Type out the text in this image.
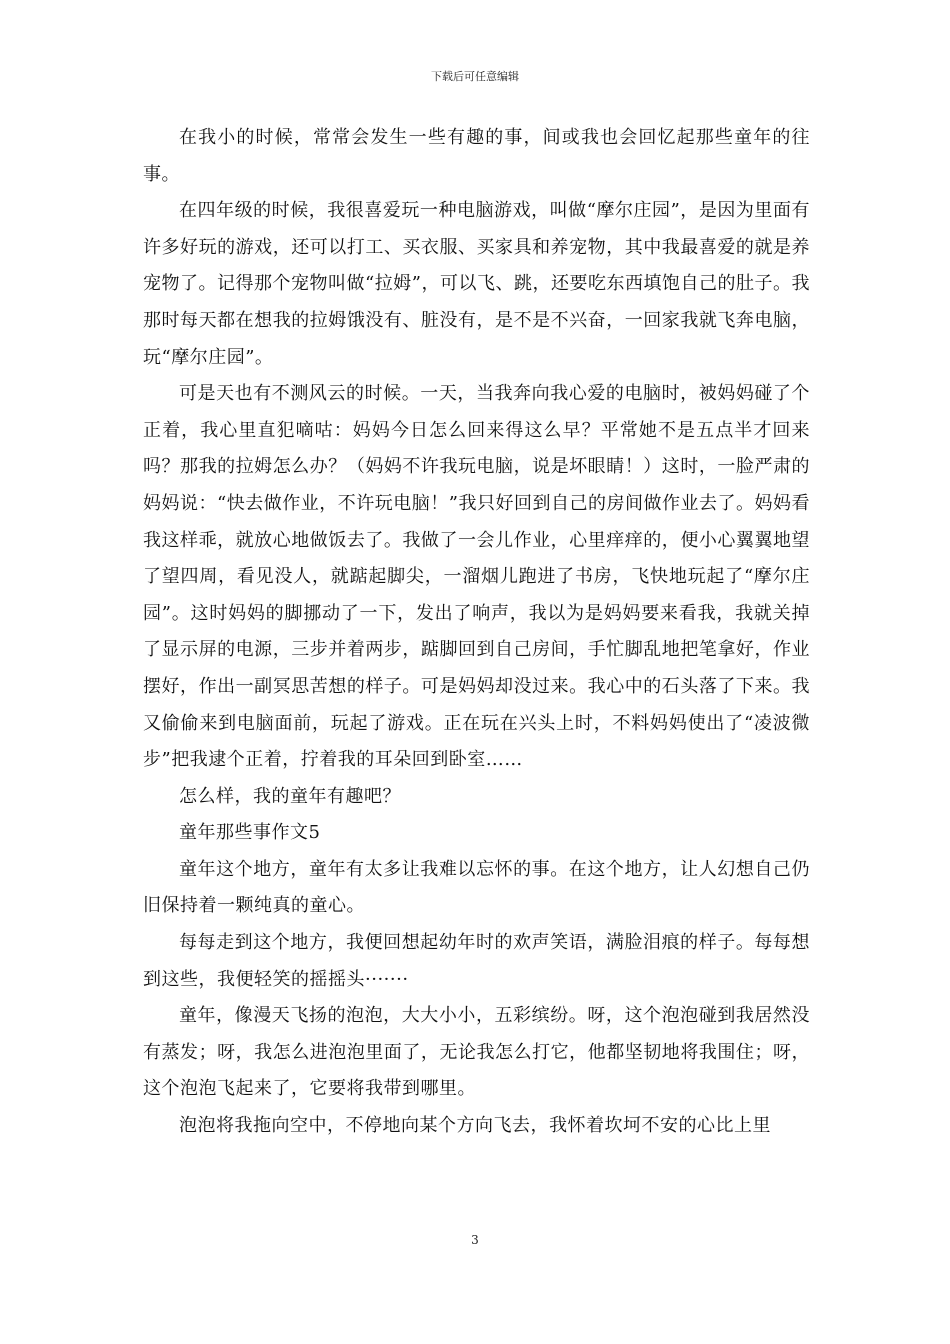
下载后可任意编辑

在我小的时候，常常会发生一些有趣的事，间或我也会回忆起那些童年的往事。

在四年级的时候，我很喜爱玩一种电脑游戏，叫做“摩尔庄园”，是因为里面有许多好玩的游戏，还可以打工、买衣服、买家具和养宠物，其中我最喜爱的就是养宠物了。记得那个宠物叫做“拉姆”，可以飞、跳，还要吃东西填饱自己的肚子。我那时每天都在想我的拉姆饿没有、脏没有，是不是不兴奋，一回家我就飞奔电脑，玩“摩尔庄园”。

可是天也有不测风云的时候。一天，当我奔向我心爱的电脑时，被妈妈碰了个正着，我心里直犯嘀咕：妈妈今日怎么回来得这么早？平常她不是五点半才回来吗？那我的拉姆怎么办？（妈妈不许我玩电脑，说是坏眼睛！）这时，一脸严肃的妈妈说：“快去做作业，不许玩电脑！”我只好回到自己的房间做作业去了。妈妈看我这样乖，就放心地做饭去了。我做了一会儿作业，心里痒痒的，便小心翼翼地望了望四周，看见没人，就踮起脚尖，一溜烟儿跑进了书房，飞快地玩起了“摩尔庄园”。这时妈妈的脚挪动了一下，发出了响声，我以为是妈妈要来看我，我就关掉了显示屏的电源，三步并着两步，踮脚回到自己房间，手忙脚乱地把笔拿好，作业摆好，作出一副冥思苦想的样子。可是妈妈却没过来。我心中的石头落了下来。我又偷偷来到电脑面前，玩起了游戏。正在玩在兴头上时，不料妈妈使出了“凌波微步”把我逮个正着，拧着我的耳朵回到卧室……

怎么样，我的童年有趣吧？

童年那些事作文5

童年这个地方，童年有太多让我难以忘怀的事。在这个地方，让人幻想自己仍旧保持着一颗纯真的童心。

每每走到这个地方，我便回想起幼年时的欢声笑语，满脸泪痕的样子。每每想到这些，我便轻笑的摇摇头·······

童年，像漫天飞扬的泡泡，大大小小，五彩缤纷。呀，这个泡泡碰到我居然没有蒸发；呀，我怎么进泡泡里面了，无论我怎么打它，他都坚韧地将我围住；呀，这个泡泡飞起来了，它要将我带到哪里。

泡泡将我拖向空中，不停地向某个方向飞去，我怀着坎坷不安的心比上里

3
